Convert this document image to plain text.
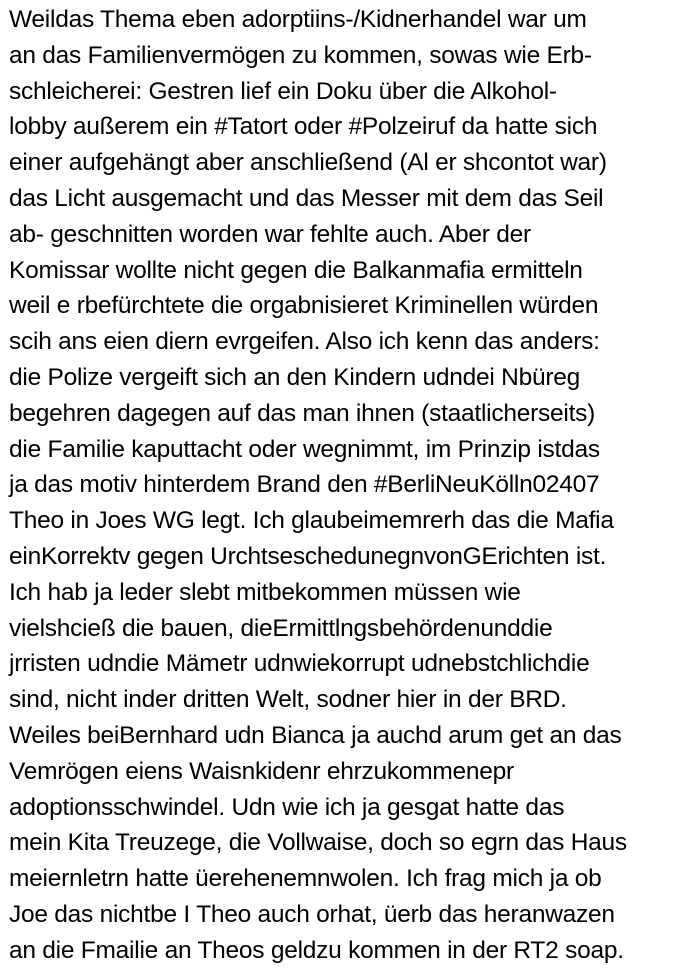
Weildas Thema eben adorptiins-/Kidnerhandel war um
an das Familienvermögen zu kommen, sowas wie Erb-
schleicherei: Gestren lief ein Doku über die Alkohol-
lobby außerem ein #Tatort oder #Polzeiruf da hatte sich
einer aufgehängt aber anschließend (Al er shcontot war)
das Licht ausgemacht und das Messer mit dem das Seil
ab- geschnitten worden war fehlte auch. Aber der
Komissar wollte nicht gegen die Balkanmafia ermitteln
weil e rbefürchtete die orgabnisieret Kriminellen würden
scih ans eien diern evrgeifen. Also ich kenn das anders:
die Polize vergeift sich an den Kindern udndei Nbüreg
begehren dagegen auf das man ihnen (staatlicherseits)
die Familie kaputtacht oder wegnimmt, im Prinzip istdas
ja das motiv hinterdem Brand den #BerliNeuKölln02407
Theo in Joes WG legt. Ich glaubeimemrerh das die Mafia
einKorrektv gegen UrchtseschedunegnvonGErichten ist.
Ich hab ja leder slebt mitbekommen müssen wie
vielshcieß die bauen, dieErmittlngsbehördenunddie
jrristen udndie Mämetr udnwiekorrupt udnebstchlichdie
sind, nicht inder dritten Welt, sodner hier in der BRD.
Weiles beiBernhard udn Bianca ja auchd arum get an das
Vemrögen eiens Waisnkidenr ehrzukommenepr
adoptionsschwindel. Udn wie ich ja gesgat hatte das
mein Kita Treuzege, die Vollwaise, doch so egrn das Haus
meiernletrn hatte üerehenemnwolen. Ich frag mich ja ob
Joe das nichtbe I Theo auch orhat, üerb das heranwazen
an die Fmailie an Theos geldzu kommen in der RT2 soap.
